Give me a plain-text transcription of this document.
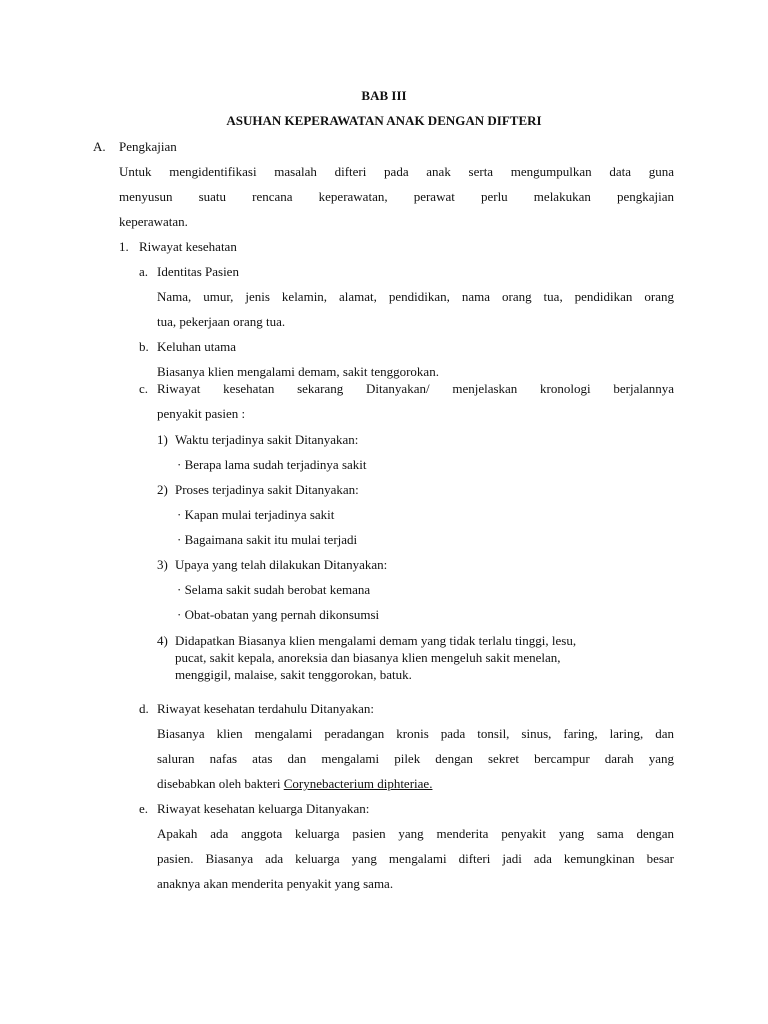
BAB III
ASUHAN KEPERAWATAN ANAK DENGAN DIFTERI
A. Pengkajian
Untuk mengidentifikasi masalah difteri pada anak serta mengumpulkan data guna
menyusun suatu rencana keperawatan, perawat perlu melakukan pengkajian
keperawatan.
1. Riwayat kesehatan
a. Identitas Pasien
Nama, umur, jenis kelamin, alamat, pendidikan, nama orang tua, pendidikan orang
tua, pekerjaan orang tua.
b. Keluhan utama
Biasanya klien mengalami demam, sakit tenggorokan.
c. Riwayat kesehatan sekarang Ditanyakan/ menjelaskan kronologi berjalannya
penyakit pasien :
1) Waktu terjadinya sakit Ditanyakan:
· Berapa lama sudah terjadinya sakit
2) Proses terjadinya sakit Ditanyakan:
· Kapan mulai terjadinya sakit
· Bagaimana sakit itu mulai terjadi
3) Upaya yang telah dilakukan Ditanyakan:
· Selama sakit sudah berobat kemana
· Obat-obatan yang pernah dikonsumsi
4) Didapatkan Biasanya klien mengalami demam yang tidak terlalu tinggi, lesu,
pucat, sakit kepala, anoreksia dan biasanya klien mengeluh sakit menelan,
menggigil, malaise, sakit tenggorokan, batuk.
d. Riwayat kesehatan terdahulu Ditanyakan:
Biasanya klien mengalami peradangan kronis pada tonsil, sinus, faring, laring, dan
saluran nafas atas dan mengalami pilek dengan sekret bercampur darah yang
disebabkan oleh bakteri Corynebacterium diphteriae.
e. Riwayat kesehatan keluarga Ditanyakan:
Apakah ada anggota keluarga pasien yang menderita penyakit yang sama dengan
pasien. Biasanya ada keluarga yang mengalami difteri jadi ada kemungkinan besar
anaknya akan menderita penyakit yang sama.
